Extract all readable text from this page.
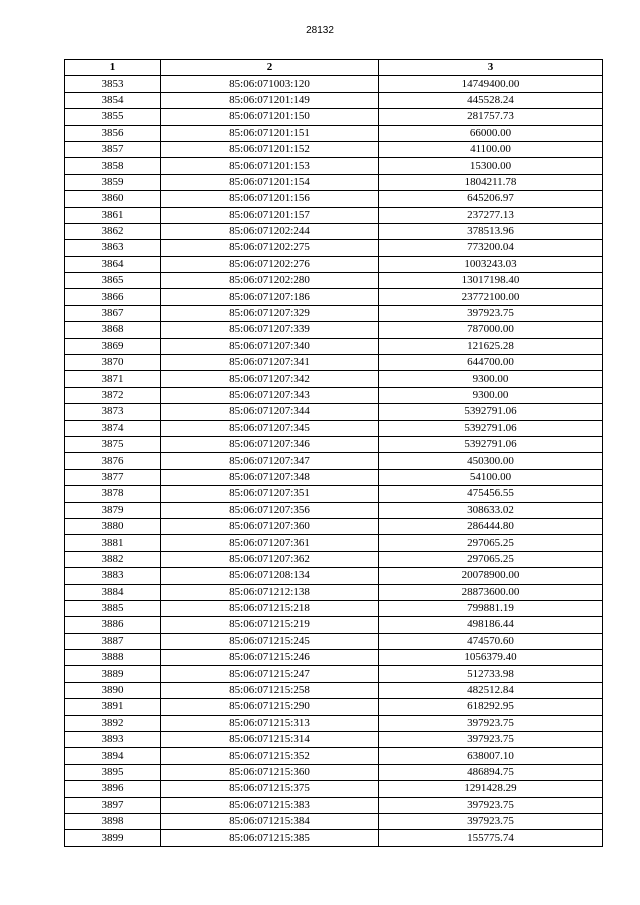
28132
1	2	3
3853	85:06:071003:120	14749400.00
3854	85:06:071201:149	445528.24
3855	85:06:071201:150	281757.73
3856	85:06:071201:151	66000.00
3857	85:06:071201:152	41100.00
3858	85:06:071201:153	15300.00
3859	85:06:071201:154	1804211.78
3860	85:06:071201:156	645206.97
3861	85:06:071201:157	237277.13
3862	85:06:071202:244	378513.96
3863	85:06:071202:275	773200.04
3864	85:06:071202:276	1003243.03
3865	85:06:071202:280	13017198.40
3866	85:06:071207:186	23772100.00
3867	85:06:071207:329	397923.75
3868	85:06:071207:339	787000.00
3869	85:06:071207:340	121625.28
3870	85:06:071207:341	644700.00
3871	85:06:071207:342	9300.00
3872	85:06:071207:343	9300.00
3873	85:06:071207:344	5392791.06
3874	85:06:071207:345	5392791.06
3875	85:06:071207:346	5392791.06
3876	85:06:071207:347	450300.00
3877	85:06:071207:348	54100.00
3878	85:06:071207:351	475456.55
3879	85:06:071207:356	308633.02
3880	85:06:071207:360	286444.80
3881	85:06:071207:361	297065.25
3882	85:06:071207:362	297065.25
3883	85:06:071208:134	20078900.00
3884	85:06:071212:138	28873600.00
3885	85:06:071215:218	799881.19
3886	85:06:071215:219	498186.44
3887	85:06:071215:245	474570.60
3888	85:06:071215:246	1056379.40
3889	85:06:071215:247	512733.98
3890	85:06:071215:258	482512.84
3891	85:06:071215:290	618292.95
3892	85:06:071215:313	397923.75
3893	85:06:071215:314	397923.75
3894	85:06:071215:352	638007.10
3895	85:06:071215:360	486894.75
3896	85:06:071215:375	1291428.29
3897	85:06:071215:383	397923.75
3898	85:06:071215:384	397923.75
3899	85:06:071215:385	155775.74
